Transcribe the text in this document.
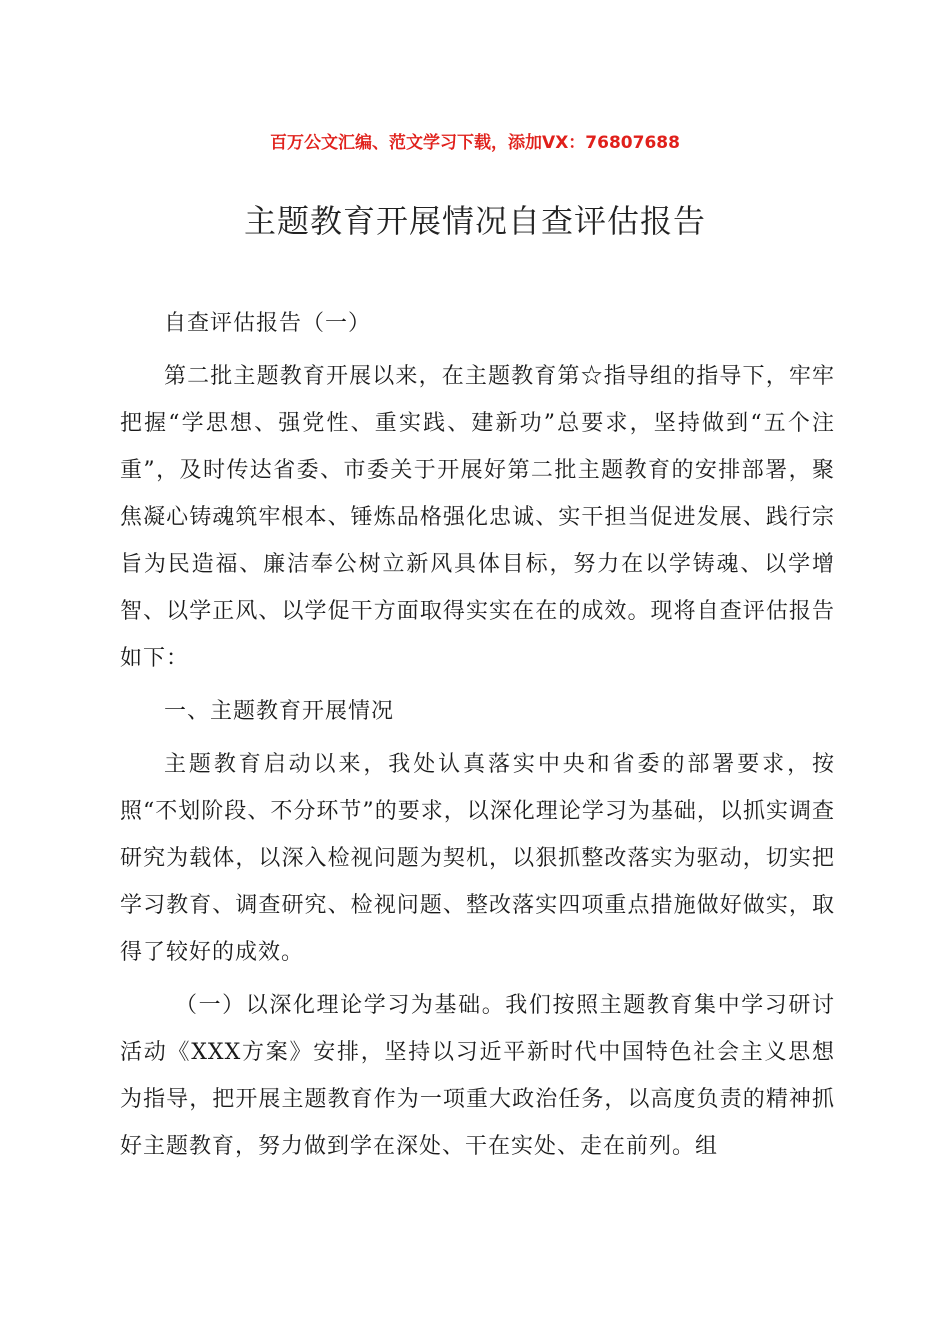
百万公文汇编、范文学习下载，添加VX：76807688
主题教育开展情况自查评估报告

自查评估报告（一）

第二批主题教育开展以来，在主题教育第☆指导组的指导下，牢牢把握“学思想、强党性、重实践、建新功”总要求，坚持做到“五个注重”，及时传达省委、市委关于开展好第二批主题教育的安排部署，聚焦凝心铸魂筑牢根本、锤炼品格强化忠诚、实干担当促进发展、践行宗旨为民造福、廉洁奉公树立新风具体目标，努力在以学铸魂、以学增智、以学正风、以学促干方面取得实实在在的成效。现将自查评估报告如下：

一、主题教育开展情况

主题教育启动以来，我处认真落实中央和省委的部署要求，按照“不划阶段、不分环节”的要求，以深化理论学习为基础，以抓实调查研究为载体，以深入检视问题为契机，以狠抓整改落实为驱动，切实把学习教育、调查研究、检视问题、整改落实四项重点措施做好做实，取得了较好的成效。

（一）以深化理论学习为基础。我们按照主题教育集中学习研讨活动《XXX方案》安排，坚持以习近平新时代中国特色社会主义思想为指导，把开展主题教育作为一项重大政治任务，以高度负责的精神抓好主题教育，努力做到学在深处、干在实处、走在前列。组
